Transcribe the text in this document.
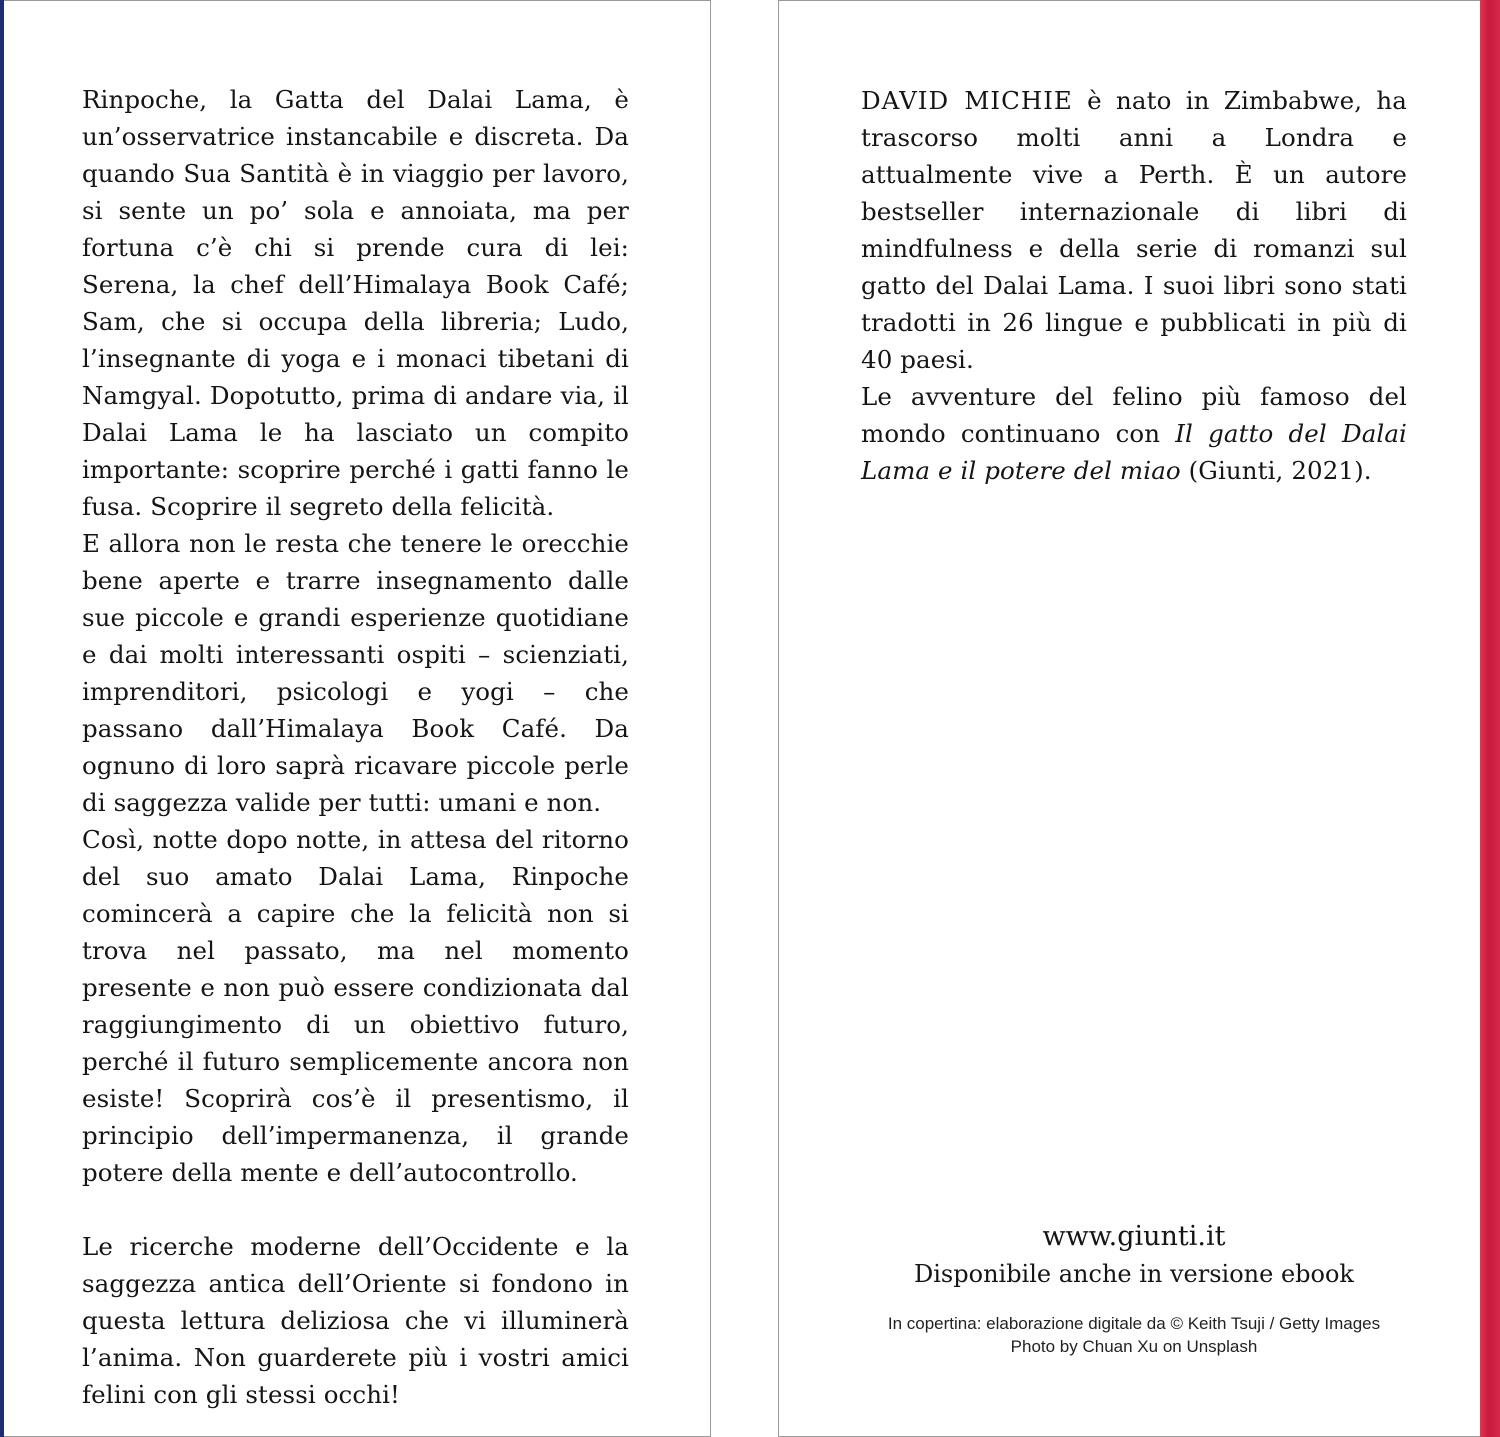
Rinpoche, la Gatta del Dalai Lama, è un’osservatrice instancabile e discreta. Da quando Sua Santità è in viaggio per lavoro, si sente un po’ sola e annoiata, ma per fortuna c’è chi si prende cura di lei: Serena, la chef dell’Himalaya Book Café; Sam, che si occupa della libreria; Ludo, l’insegnante di yoga e i monaci tibetani di Namgyal. Dopotutto, prima di andare via, il Dalai Lama le ha lasciato un compito importante: scoprire perché i gatti fanno le fusa. Scoprire il segreto della felicità.

E allora non le resta che tenere le orecchie bene aperte e trarre insegnamento dalle sue piccole e grandi esperienze quotidiane e dai molti interessanti ospiti – scienziati, imprenditori, psicologi e yogi – che passano dall’Himalaya Book Café. Da ognuno di loro saprà ricavare piccole perle di saggezza valide per tutti: umani e non.

Così, notte dopo notte, in attesa del ritorno del suo amato Dalai Lama, Rinpoche comincerà a capire che la felicità non si trova nel passato, ma nel momento presente e non può essere condizionata dal raggiungimento di un obiettivo futuro, perché il futuro semplicemente ancora non esiste! Scoprirà cos’è il presentismo, il principio dell’impermanenza, il grande potere della mente e dell’autocontrollo.

Le ricerche moderne dell’Occidente e la saggezza antica dell’Oriente si fondono in questa lettura deliziosa che vi illuminerà l’anima. Non guarderete più i vostri amici felini con gli stessi occhi!

DAVID MICHIE è nato in Zimbabwe, ha trascorso molti anni a Londra e attualmente vive a Perth. È un autore bestseller internazionale di libri di mindfulness e della serie di romanzi sul gatto del Dalai Lama. I suoi libri sono stati tradotti in 26 lingue e pubblicati in più di 40 paesi.

Le avventure del felino più famoso del mondo continuano con Il gatto del Dalai Lama e il potere del miao (Giunti, 2021).

www.giunti.it
Disponibile anche in versione ebook
In copertina: elaborazione digitale da © Keith Tsuji / Getty Images
Photo by Chuan Xu on Unsplash
